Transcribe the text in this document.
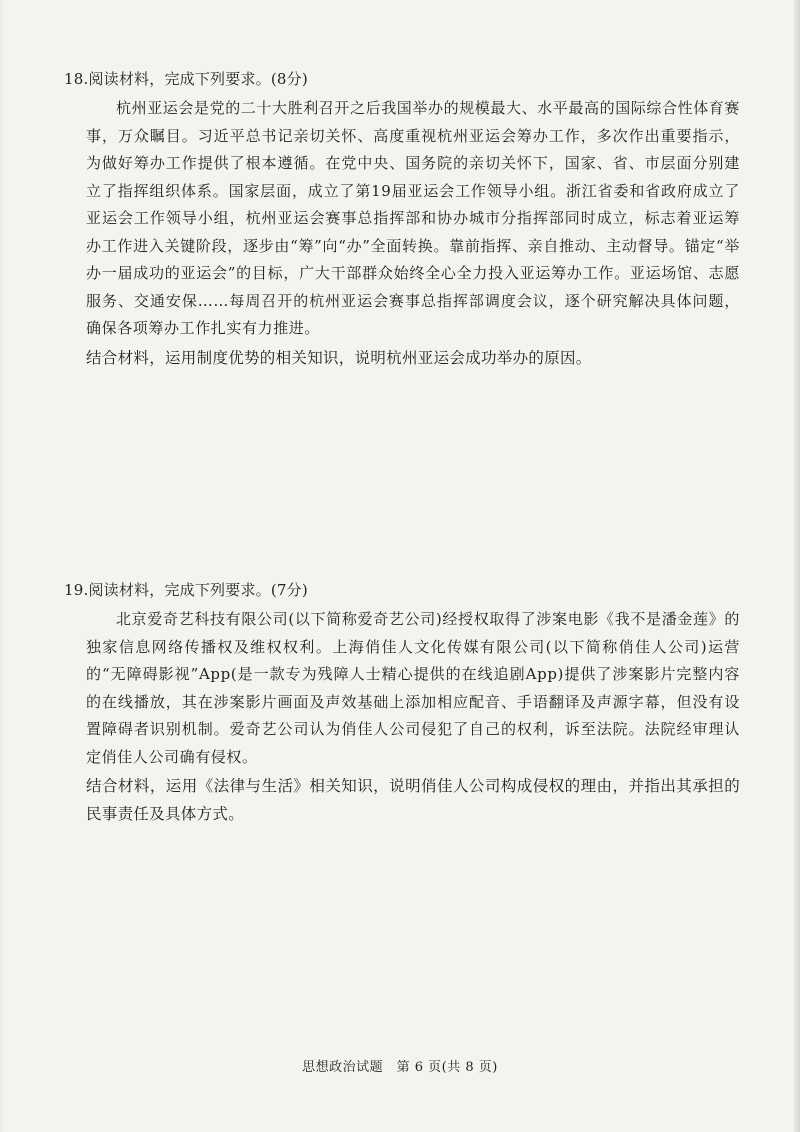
18.阅读材料，完成下列要求。(8分)

杭州亚运会是党的二十大胜利召开之后我国举办的规模最大、水平最高的国际综合性体育赛事，万众瞩目。习近平总书记亲切关怀、高度重视杭州亚运会筹办工作，多次作出重要指示，为做好筹办工作提供了根本遵循。在党中央、国务院的亲切关怀下，国家、省、市层面分别建立了指挥组织体系。国家层面，成立了第19届亚运会工作领导小组。浙江省委和省政府成立了亚运会工作领导小组，杭州亚运会赛事总指挥部和协办城市分指挥部同时成立，标志着亚运筹办工作进入关键阶段，逐步由“筹”向“办”全面转换。靠前指挥、亲自推动、主动督导。锚定“举办一届成功的亚运会”的目标，广大干部群众始终全心全力投入亚运筹办工作。亚运场馆、志愿服务、交通安保……每周召开的杭州亚运会赛事总指挥部调度会议，逐个研究解决具体问题，确保各项筹办工作扎实有力推进。

结合材料，运用制度优势的相关知识，说明杭州亚运会成功举办的原因。

19.阅读材料，完成下列要求。(7分)

北京爱奇艺科技有限公司(以下简称爱奇艺公司)经授权取得了涉案电影《我不是潘金莲》的独家信息网络传播权及维权权利。上海俏佳人文化传媒有限公司(以下简称俏佳人公司)运营的“无障碍影视”App(是一款专为残障人士精心提供的在线追剧App)提供了涉案影片完整内容的在线播放，其在涉案影片画面及声效基础上添加相应配音、手语翻译及声源字幕，但没有设置障碍者识别机制。爱奇艺公司认为俏佳人公司侵犯了自己的权利，诉至法院。法院经审理认定俏佳人公司确有侵权。

结合材料，运用《法律与生活》相关知识，说明俏佳人公司构成侵权的理由，并指出其承担的民事责任及具体方式。

思想政治试题　第 6 页(共 8 页)
